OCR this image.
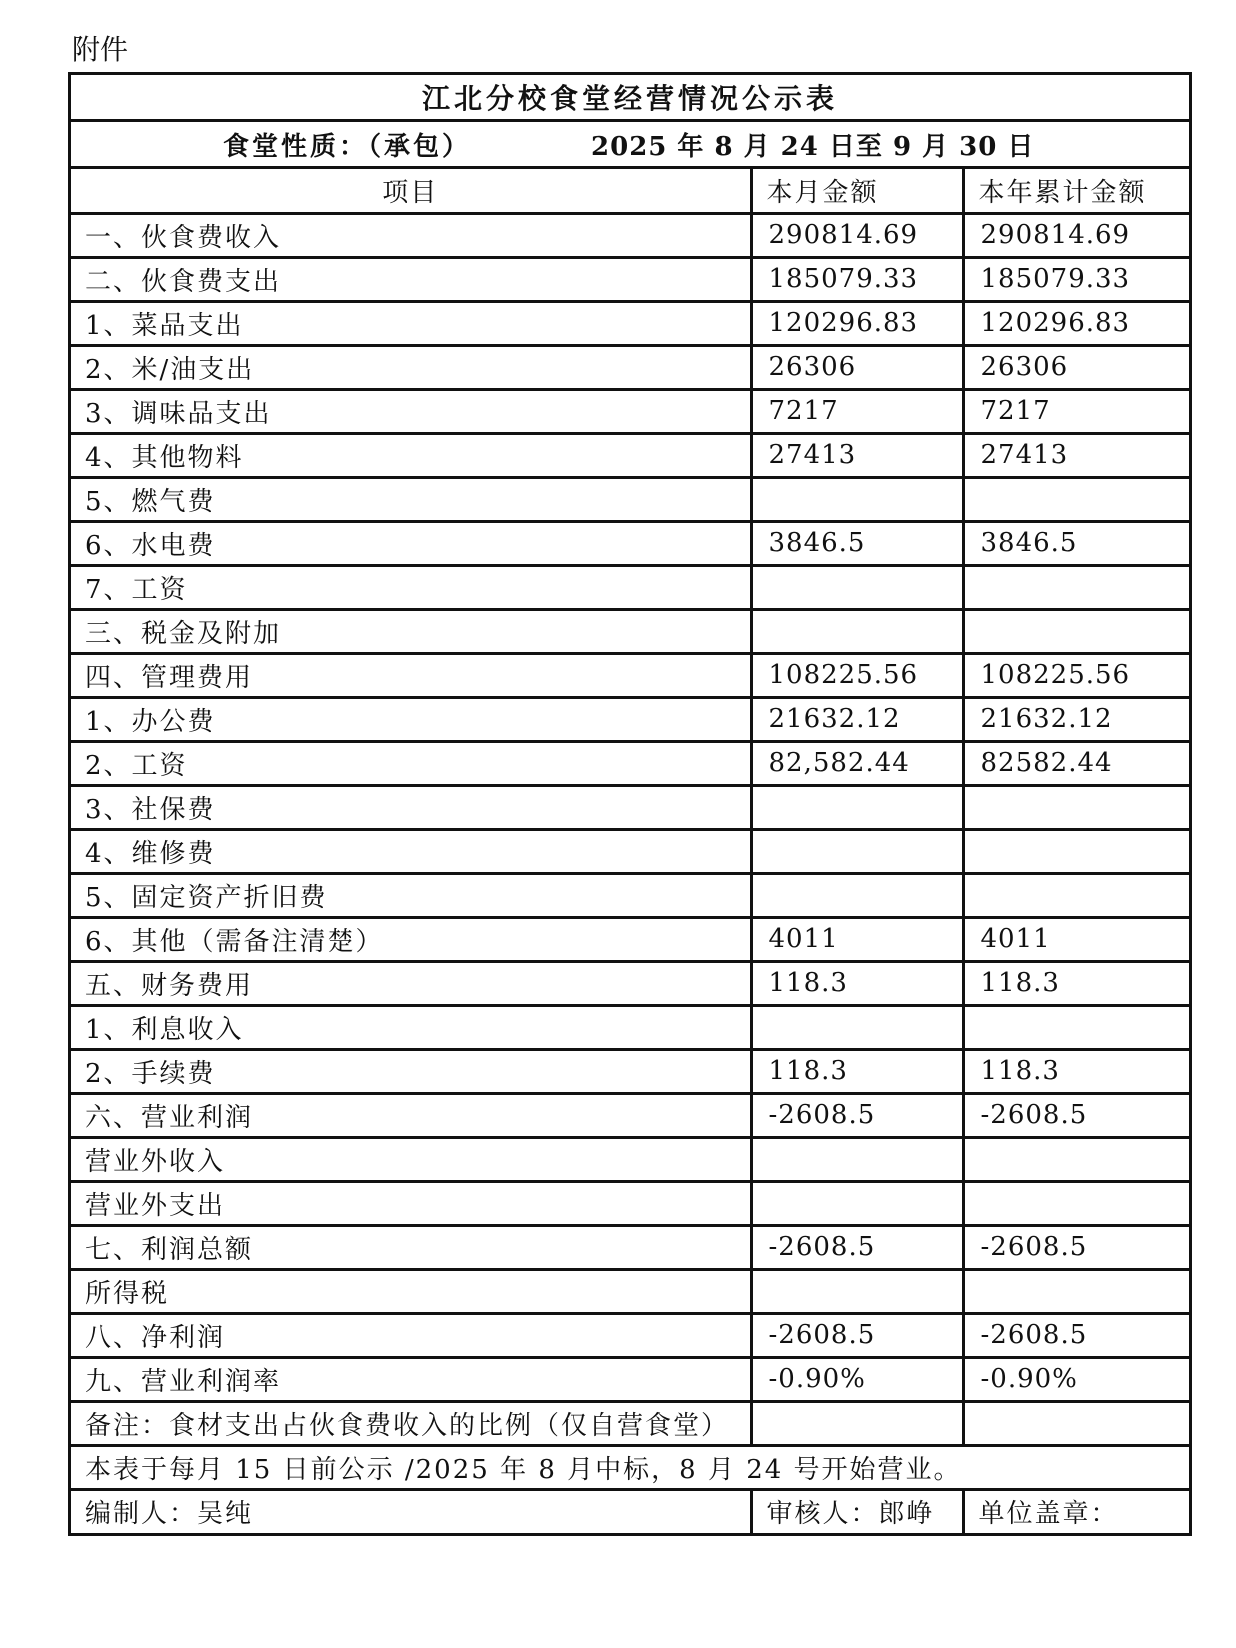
附件
江北分校食堂经营情况公示表
食堂性质：（承包）	2025 年 8 月 24 日至 9 月 30 日
项目	本月金额	本年累计金额
一、伙食费收入	290814.69	290814.69
二、伙食费支出	185079.33	185079.33
1、菜品支出	120296.83	120296.83
2、米/油支出	26306	26306
3、调味品支出	7217	7217
4、其他物料	27413	27413
5、燃气费		
6、水电费	3846.5	3846.5
7、工资		
三、税金及附加		
四、管理费用	108225.56	108225.56
1、办公费	21632.12	21632.12
2、工资	82,582.44	82582.44
3、社保费		
4、维修费		
5、固定资产折旧费		
6、其他（需备注清楚）	4011	4011
五、财务费用	118.3	118.3
1、利息收入		
2、手续费	118.3	118.3
六、营业利润	-2608.5	-2608.5
营业外收入		
营业外支出		
七、利润总额	-2608.5	-2608.5
所得税		
八、净利润	-2608.5	-2608.5
九、营业利润率	-0.90%	-0.90%
备注：食材支出占伙食费收入的比例（仅自营食堂）		
本表于每月 15 日前公示 /2025 年 8 月中标，8 月 24 号开始营业。		
编制人：吴纯	审核人：郎峥	单位盖章：
